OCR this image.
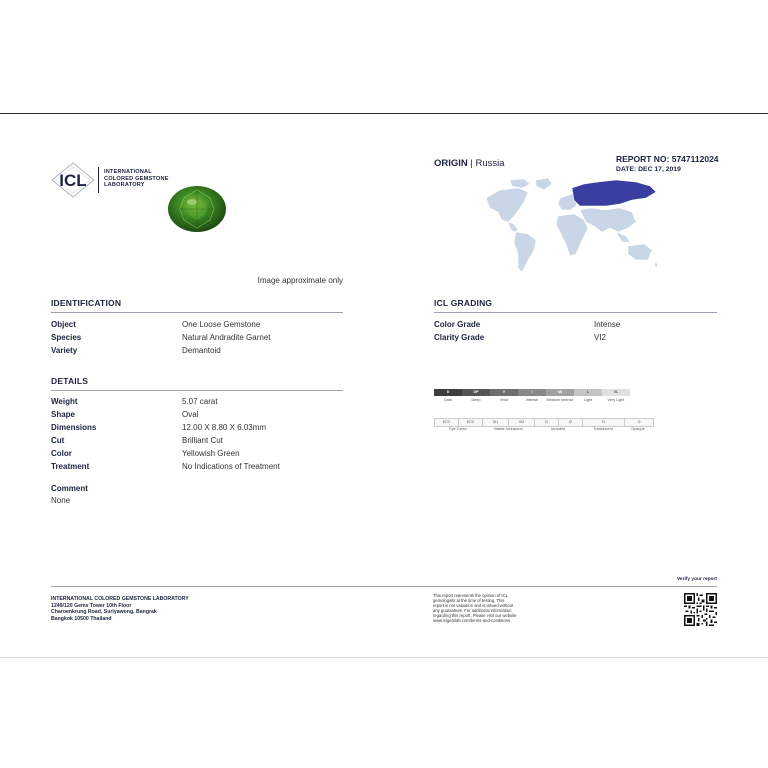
ICL	INTERNATIONAL
COLORED GEMSTONE
LABORATORY
Image approximate only
ORIGIN | Russia	REPORT NO: 5747112024
DATE: DEC 17, 2019
IDENTIFICATION
Object	One Loose Gemstone
Species	Natural Andradite Garnet
Variety	Demantoid
DETAILS
Weight	5.07 carat
Shape	Oval
Dimensions	12.00 X 8.80 X 6.03mm
Cut	Brilliant Cut
Color	Yellowish Green
Treatment	No Indications of Treatment
Comment
None
ICL GRADING
Color Grade	Intense
Clarity Grade	VI2
D	DP	V	I	MI	L	VL
Dark	Deep	Vivid	Intense	Medium Intense	Light	Very Light
EC1	EC2	VI1	VI2	I1	I2	TL	O
Eye Clean	Visible Inclusions	Included	Translucent	Opaque
Verify your report
INTERNATIONAL COLORED GEMSTONE LABORATORY
1249/120 Gems Tower 10th Floor
Charoenkrung Road, Suriyawong, Bangrak
Bangkok 10500 Thailand
This report represents the opinion of ICL
gemologists at the time of testing. This
report is not valuation and is issued without
any guarantees. For additional information
regarding this report, Please visit our website
www.iclgemlab.com/terms-and-conditions
